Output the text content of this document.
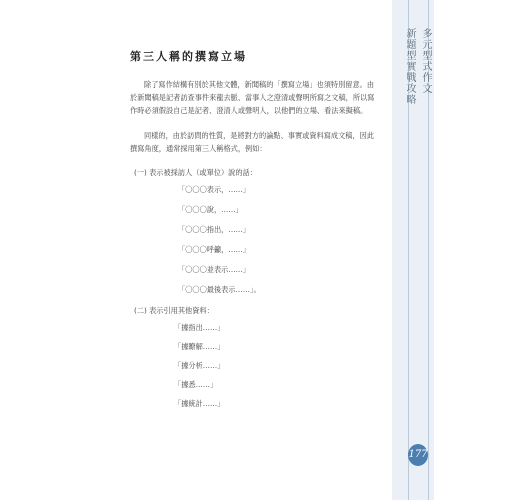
多元型式作文
新題型實戰攻略
177
第三人稱的撰寫立場

除了寫作結構有別於其他文體，新聞稿的「撰寫立場」也須特別留意。由於新聞稿是記者訪查事件來龍去脈、當事人之澄清或聲明所寫之文稿，所以寫作時必須假設自己是記者、澄清人或聲明人，以他們的立場、看法來擬稿。

同樣的，由於訪問的性質，是將對方的論點、事實或資料寫成文稿，因此撰寫角度，通常採用第三人稱格式，例如：

(一) 表示被採訪人（或單位）說的話：
「〇〇〇表示，……」
「〇〇〇說，……」
「〇〇〇指出，……」
「〇〇〇呼籲，……」
「〇〇〇並表示……」
「〇〇〇最後表示……」。
(二) 表示引用其他資料：
「據指出……」
「據瞭解……」
「據分析……」
「據悉……」
「據統計……」
